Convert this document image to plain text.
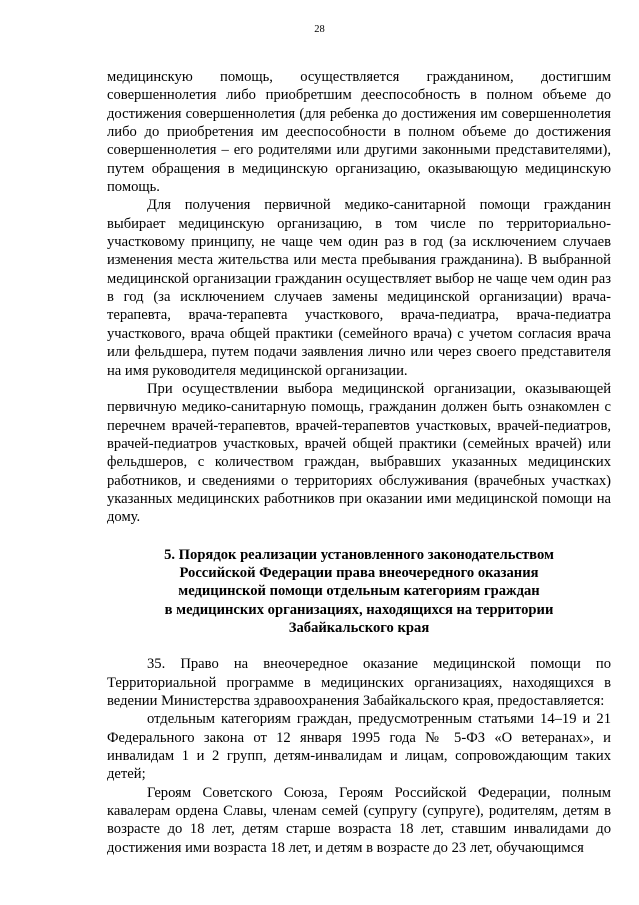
28

медицинскую помощь, осуществляется гражданином, достигшим совершеннолетия либо приобретшим дееспособность в полном объеме до достижения совершеннолетия (для ребенка до достижения им совершеннолетия либо до приобретения им дееспособности в полном объеме до достижения совершеннолетия – его родителями или другими законными представителями), путем обращения в медицинскую организацию, оказывающую медицинскую помощь.

Для получения первичной медико-санитарной помощи гражданин выбирает медицинскую организацию, в том числе по территориально-участковому принципу, не чаще чем один раз в год (за исключением случаев изменения места жительства или места пребывания гражданина). В выбранной медицинской организации гражданин осуществляет выбор не чаще чем один раз в год (за исключением случаев замены медицинской организации) врача-терапевта, врача-терапевта участкового, врача-педиатра, врача-педиатра участкового, врача общей практики (семейного врача) с учетом согласия врача или фельдшера, путем подачи заявления лично или через своего представителя на имя руководителя медицинской организации.

При осуществлении выбора медицинской организации, оказывающей первичную медико-санитарную помощь, гражданин должен быть ознакомлен с перечнем врачей-терапевтов, врачей-терапевтов участковых, врачей-педиатров, врачей-педиатров участковых, врачей общей практики (семейных врачей) или фельдшеров, с количеством граждан, выбравших указанных медицинских работников, и сведениями о территориях обслуживания (врачебных участках) указанных медицинских работников при оказании ими медицинской помощи на дому.

5. Порядок реализации установленного законодательством
Российской Федерации права внеочередного оказания
медицинской помощи отдельным категориям граждан
в медицинских организациях, находящихся на территории
Забайкальского края

35. Право на внеочередное оказание медицинской помощи по Территориальной программе в медицинских организациях, находящихся в ведении Министерства здравоохранения Забайкальского края, предоставляется:

отдельным категориям граждан, предусмотренным статьями 14–19 и 21 Федерального закона от 12 января 1995 года № 5-ФЗ «О ветеранах», и инвалидам 1 и 2 групп, детям-инвалидам и лицам, сопровождающим таких детей;

Героям Советского Союза, Героям Российской Федерации, полным кавалерам ордена Славы, членам семей (супругу (супруге), родителям, детям в возрасте до 18 лет, детям старше возраста 18 лет, ставшим инвалидами до достижения ими возраста 18 лет, и детям в возрасте до 23 лет, обучающимся
